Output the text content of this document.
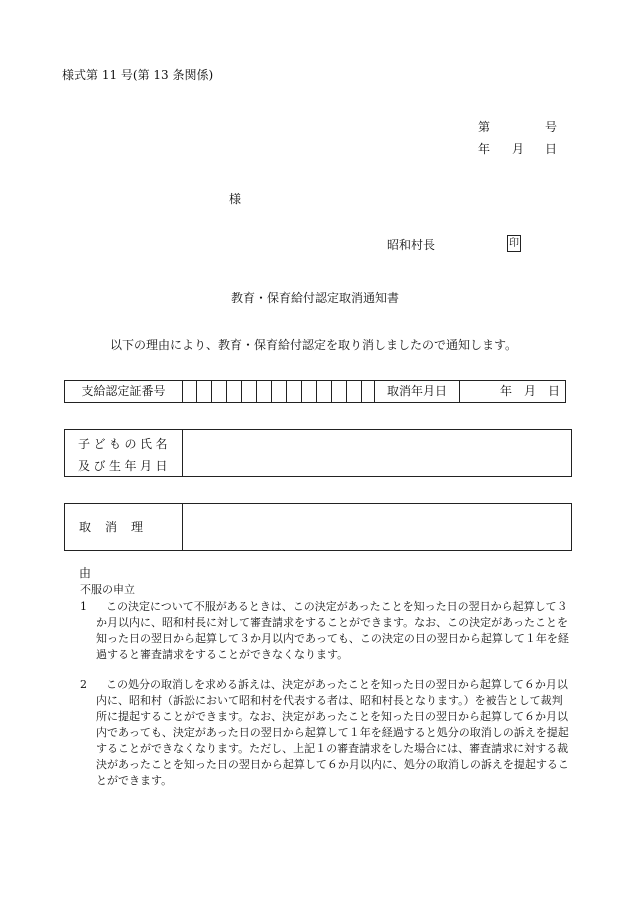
様式第 11 号(第 13 条関係)
第	号
年 月 日
様
昭和村長	印
教育・保育給付認定取消通知書
以下の理由により、教育・保育給付認定を取り消しましたので通知します。
支給認定証番号	取消年月日	年　月　日
子どもの氏名
及び生年月日
取消理由
不服の申立
1	この決定について不服があるときは、この決定があったことを知った日の翌日から起算して３
か月以内に、昭和村長に対して審査請求をすることができます。なお、この決定があったことを
知った日の翌日から起算して３か月以内であっても、この決定の日の翌日から起算して１年を経
過すると審査請求をすることができなくなります。
2	この処分の取消しを求める訴えは、決定があったことを知った日の翌日から起算して６か月以
内に、昭和村（訴訟において昭和村を代表する者は、昭和村長となります。）を被告として裁判
所に提起することができます。なお、決定があったことを知った日の翌日から起算して６か月以
内であっても、決定があった日の翌日から起算して１年を経過すると処分の取消しの訴えを提起
することができなくなります。ただし、上記１の審査請求をした場合には、審査請求に対する裁
決があったことを知った日の翌日から起算して６か月以内に、処分の取消しの訴えを提起するこ
とができます。
